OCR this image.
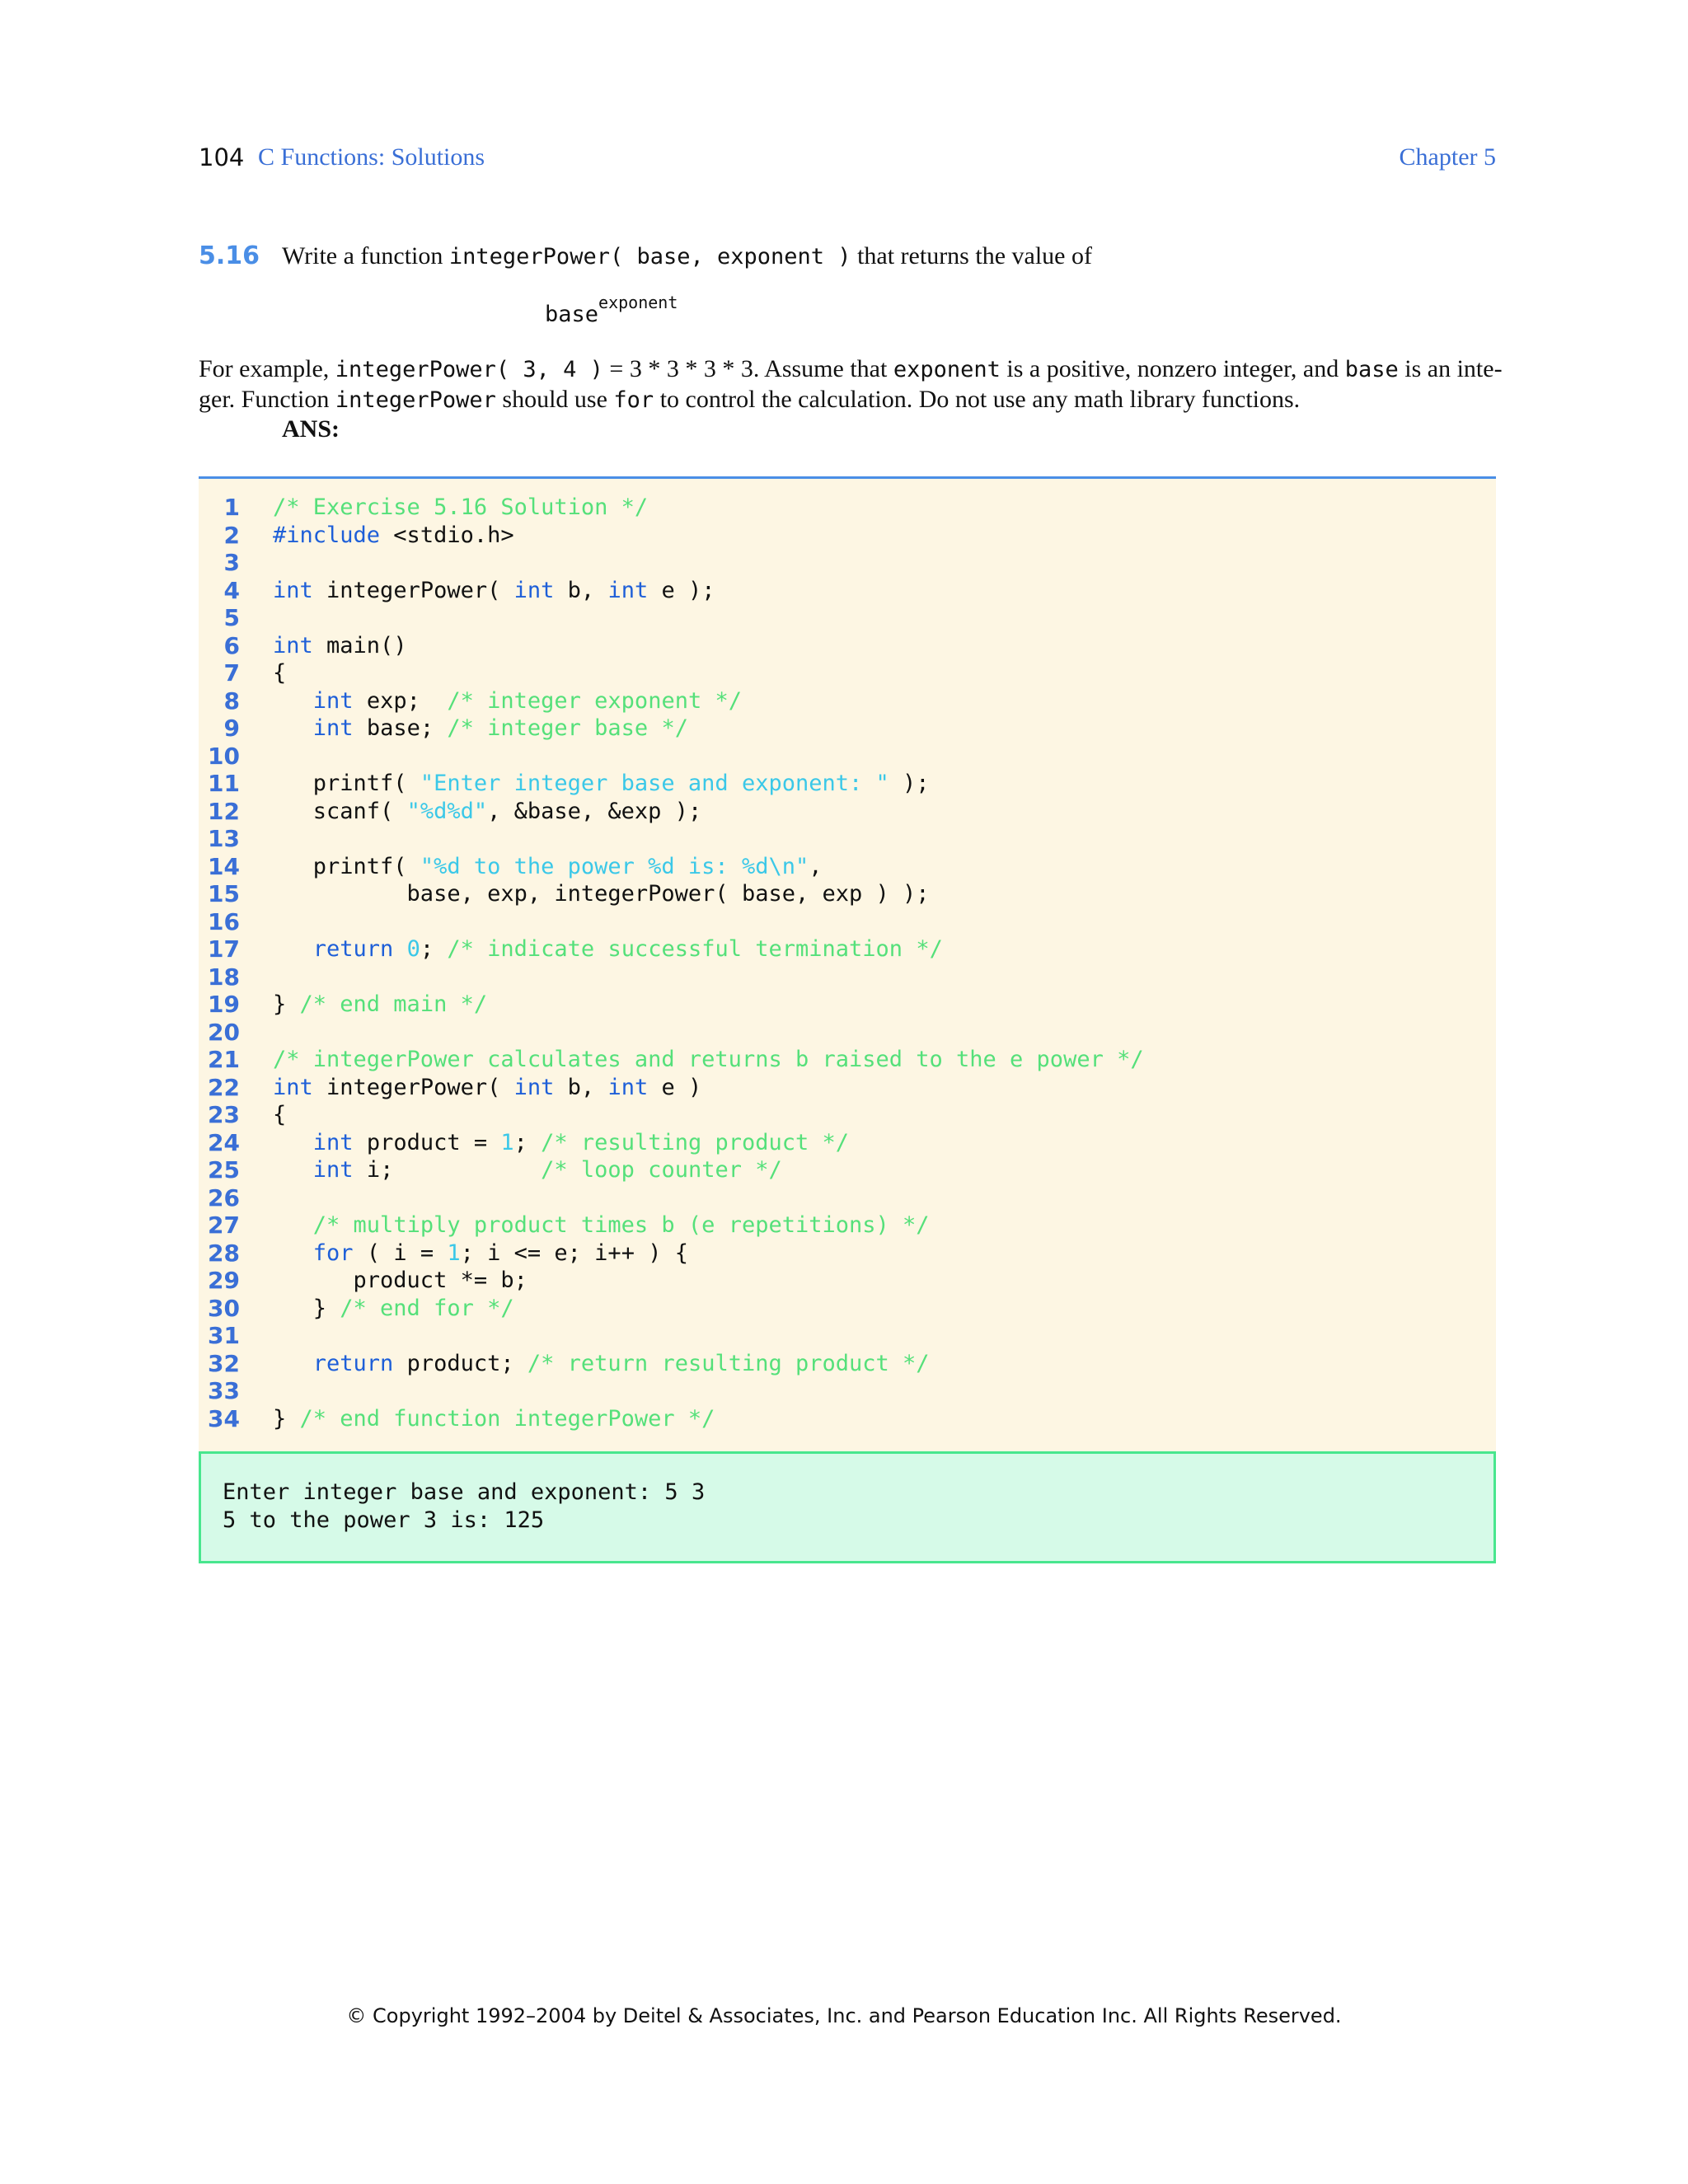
104 C Functions: Solutions	Chapter 5
5.16 Write a function integerPower( base, exponent ) that returns the value of
base$^{exponent}$

For example, integerPower( 3, 4 ) = 3 * 3 * 3 * 3. Assume that exponent is a positive, nonzero integer, and base is an inte-

ger. Function integerPower should use for to control the calculation. Do not use any math library functions.

ANS:
1 /* Exercise 5.16 Solution */
2 #include <stdio.h>
3
4 int integerPower( int b, int e );
5
6 int main()
7 {
8	int exp;  /* integer exponent */
9	int base; /* integer base */
10
11 printf( "Enter integer base and exponent: " );
12 scanf( "%d%d", &base, &exp );
13
14 printf( "%d to the power %d is: %d\n",
15 base, exp, integerPower( base, exp ) );
16
17	return 0; /* indicate successful termination */
18
19 } /* end main */
20
21 /* integerPower calculates and returns b raised to the e power */
22 int integerPower( int b, int e )
23 {
24	int product = 1; /* resulting product */
25	int i;           /* loop counter */
26
27	/* multiply product times b (e repetitions) */
28	for ( i = 1; i <= e; i++ ) {
29 product *= b;
30 } /* end for */
31
32	return product; /* return resulting product */
33
34 } /* end function integerPower */
Enter integer base and exponent: 5 3
5 to the power 3 is: 125
© Copyright 1992–2004 by Deitel & Associates, Inc. and Pearson Education Inc. All Rights Reserved.
